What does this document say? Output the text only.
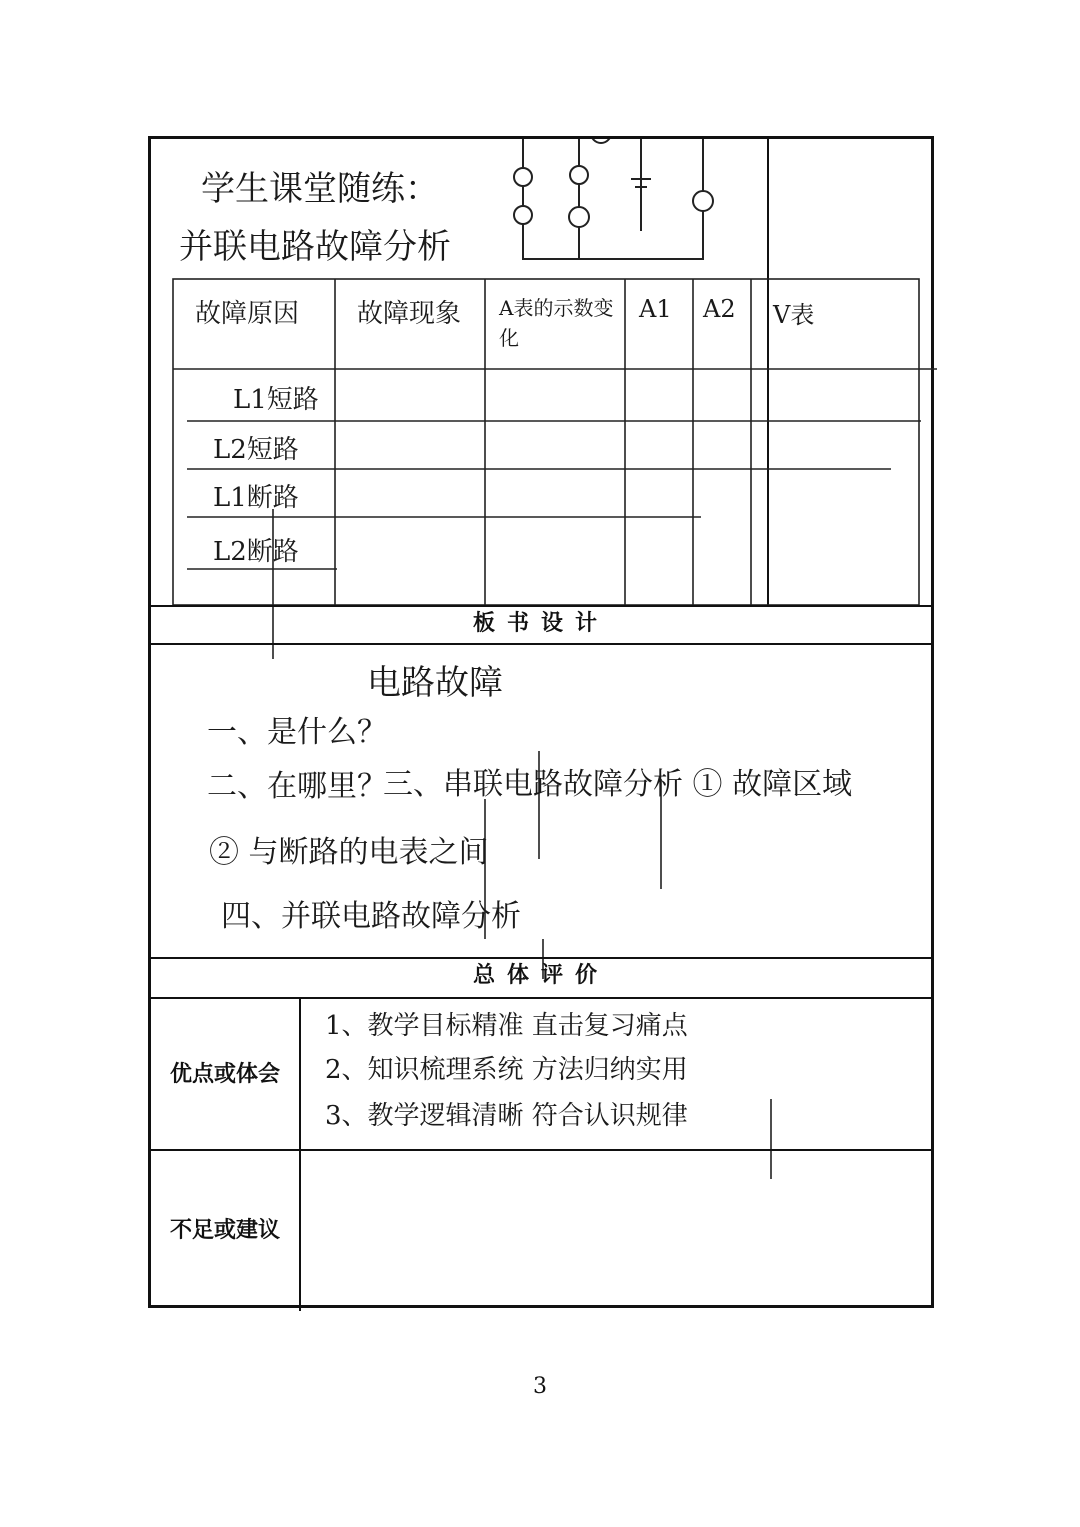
学生课堂随练：
并联电路故障分析
故障原因 故障现象 A表的示数变化
A1 A2 V表
L1短路
L2短路
L1断路
L2断路
板书设计
电路故障
一、是什么？
二、在哪里？
三、串联电路故障分析 ① 故障区域
② 与断路的电表之间
四、并联电路故障分析
总体评价
优点或体会
1、教学目标精准 直击复习痛点
2、知识梳理系统 方法归纳实用
3、教学逻辑清晰 符合认识规律
不足或建议
3
